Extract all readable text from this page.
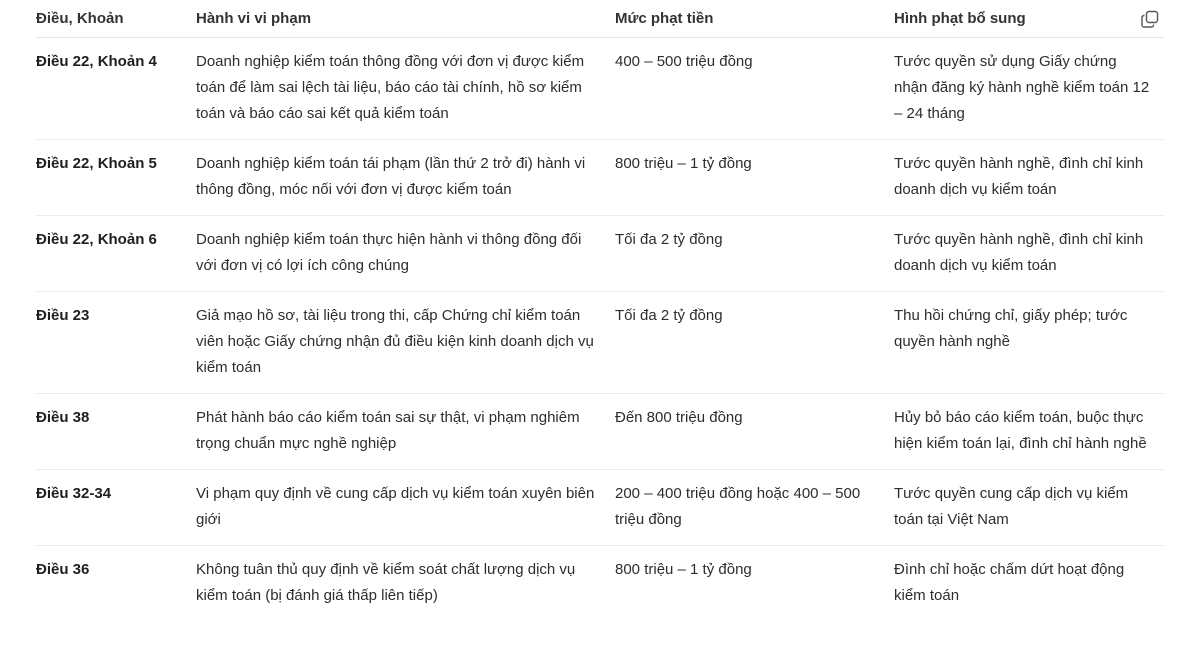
Điều, Khoản	Hành vi vi phạm	Mức phạt tiền	Hình phạt bổ sung
Điều 22, Khoản 4	Doanh nghiệp kiểm toán thông đồng với đơn vị được kiểm toán để làm sai lệch tài liệu, báo cáo tài chính, hồ sơ kiểm toán và báo cáo sai kết quả kiểm toán	400 – 500 triệu đồng	Tước quyền sử dụng Giấy chứng nhận đăng ký hành nghề kiểm toán 12 – 24 tháng
Điều 22, Khoản 5	Doanh nghiệp kiểm toán tái phạm (lần thứ 2 trở đi) hành vi thông đồng, móc nối với đơn vị được kiểm toán	800 triệu – 1 tỷ đồng	Tước quyền hành nghề, đình chỉ kinh doanh dịch vụ kiểm toán
Điều 22, Khoản 6	Doanh nghiệp kiểm toán thực hiện hành vi thông đồng đối với đơn vị có lợi ích công chúng	Tối đa 2 tỷ đồng	Tước quyền hành nghề, đình chỉ kinh doanh dịch vụ kiểm toán
Điều 23	Giả mạo hồ sơ, tài liệu trong thi, cấp Chứng chỉ kiểm toán viên hoặc Giấy chứng nhận đủ điều kiện kinh doanh dịch vụ kiểm toán	Tối đa 2 tỷ đồng	Thu hồi chứng chỉ, giấy phép; tước quyền hành nghề
Điều 38	Phát hành báo cáo kiểm toán sai sự thật, vi phạm nghiêm trọng chuẩn mực nghề nghiệp	Đến 800 triệu đồng	Hủy bỏ báo cáo kiểm toán, buộc thực hiện kiểm toán lại, đình chỉ hành nghề
Điều 32-34	Vi phạm quy định về cung cấp dịch vụ kiểm toán xuyên biên giới	200 – 400 triệu đồng hoặc 400 – 500 triệu đồng	Tước quyền cung cấp dịch vụ kiểm toán tại Việt Nam
Điều 36	Không tuân thủ quy định về kiểm soát chất lượng dịch vụ kiểm toán (bị đánh giá thấp liên tiếp)	800 triệu – 1 tỷ đồng	Đình chỉ hoặc chấm dứt hoạt động kiểm toán
